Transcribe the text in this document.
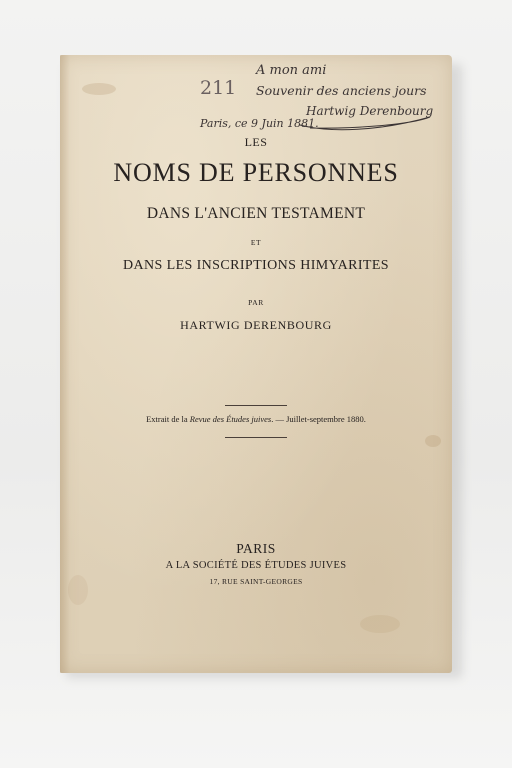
211
A mon ami
Souvenir des anciens jours
Hartwig Derenbourg
Paris, ce 9 Juin 1881.
LES
NOMS DE PERSONNES
DANS L'ANCIEN TESTAMENT
ET
DANS LES INSCRIPTIONS HIMYARITES
PAR
HARTWIG DERENBOURG
Extrait de la Revue des Études juives. — Juillet-septembre 1880.
PARIS
A LA SOCIÉTÉ DES ÉTUDES JUIVES
17, RUE SAINT-GEORGES
